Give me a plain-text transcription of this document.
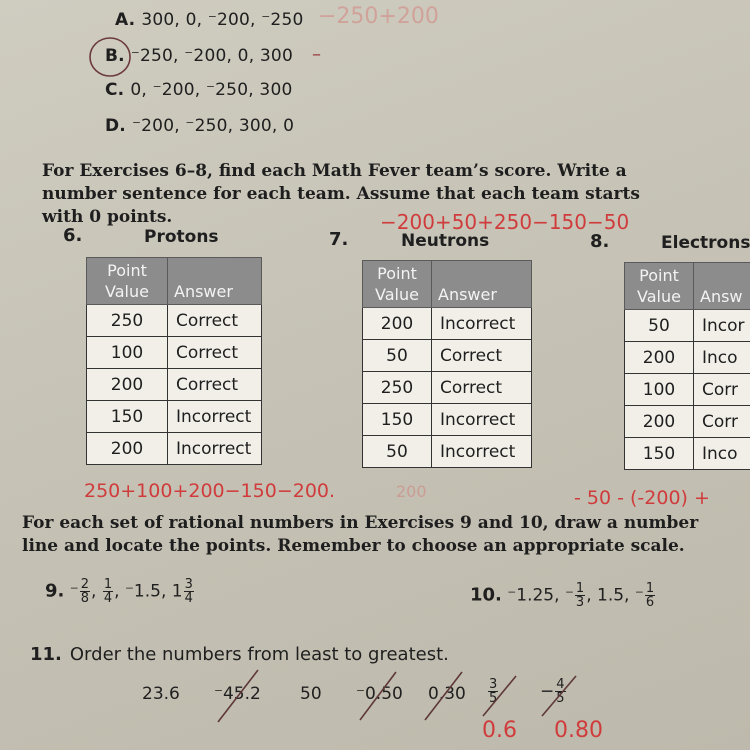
A. 300, 0, ⁻200, ⁻250
B. ⁻250, ⁻200, 0, 300
C. 0, ⁻200, ⁻250, 300
D. ⁻200, ⁻250, 300, 0
−250+200
–
For Exercises 6–8, find each Math Fever team’s score. Write a number sentence for each team. Assume that each team starts with 0 points.
6.	Protons	7.	Neutrons	8.	Electrons
−200+50+250−150−50
Point
Value	Answer
250	Correct
100	Correct
200	Correct
150	Incorrect
200	Incorrect
Point
Value	Answer
200	Incorrect
50	Correct
250	Correct
150	Incorrect
50	Incorrect
Point
Value	Answ
50	Incor
200	Inco
100	Corr
200	Corr
150	Inco
250+100+200−150−200.	200	- 50 - (-200) +
For each set of rational numbers in Exercises 9 and 10, draw a number line and locate the points. Remember to choose an appropriate scale.
9. ⁻ $\frac{2}{8}$ , $\frac{1}{4}$ , ⁻1.5, $1 \frac{3}{4}$	10. ⁻1.25, ⁻ $\frac{1}{3}$ , 1.5, ⁻ $\frac{1}{6}$
11. Order the numbers from least to greatest.
23.6 ⁻45.2 50 ⁻0.50 $0.30 \frac{3}{5} - \frac{4}{5}$
0.6 0.80
